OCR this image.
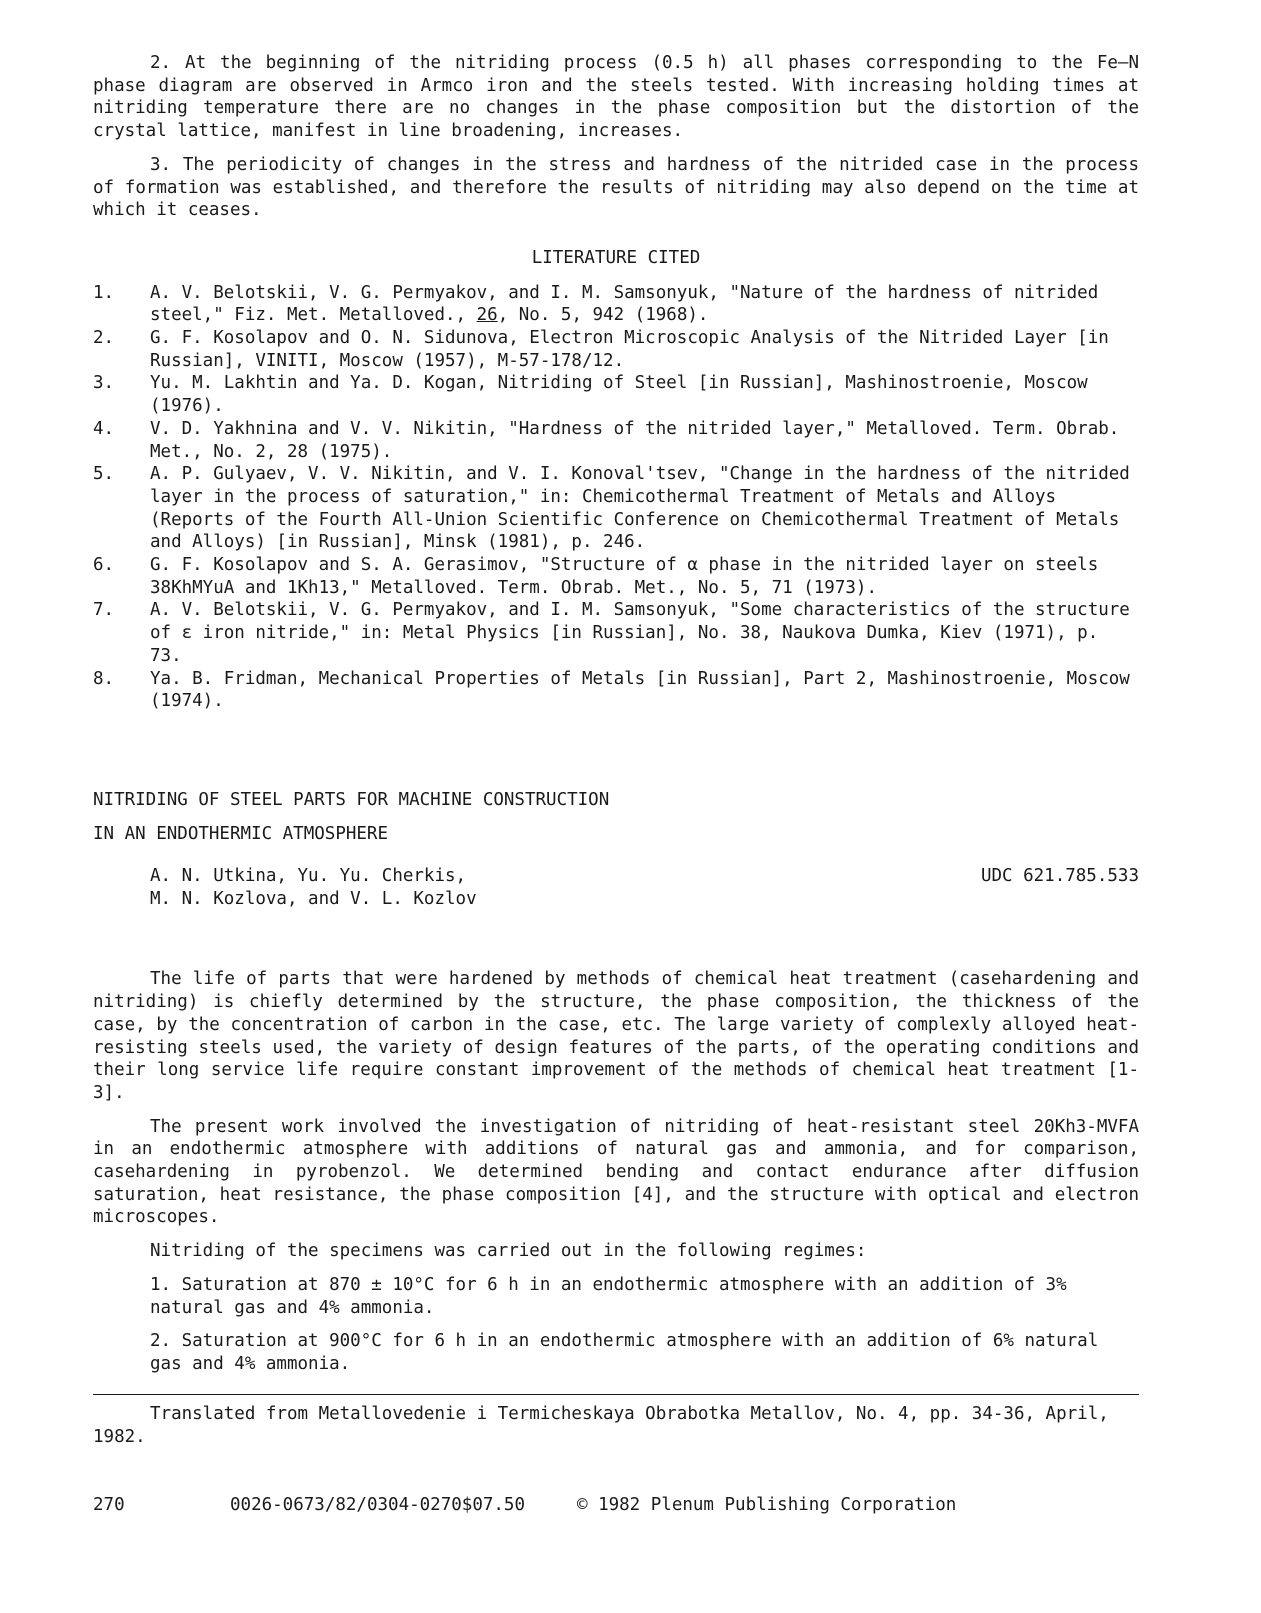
2. At the beginning of the nitriding process (0.5 h) all phases corresponding to the Fe—N phase diagram are observed in Armco iron and the steels tested. With increasing holding times at nitriding temperature there are no changes in the phase composition but the distortion of the crystal lattice, manifest in line broadening, increases.

3. The periodicity of changes in the stress and hardness of the nitrided case in the process of formation was established, and therefore the results of nitriding may also depend on the time at which it ceases.

LITERATURE CITED
1. A. V. Belotskii, V. G. Permyakov, and I. M. Samsonyuk, "Nature of the hardness of nitrided steel," Fiz. Met. Metalloved., 26, No. 5, 942 (1968).
2. G. F. Kosolapov and O. N. Sidunova, Electron Microscopic Analysis of the Nitrided Layer [in Russian], VINITI, Moscow (1957), M-57-178/12.
3. Yu. M. Lakhtin and Ya. D. Kogan, Nitriding of Steel [in Russian], Mashinostroenie, Moscow (1976).
4. V. D. Yakhnina and V. V. Nikitin, "Hardness of the nitrided layer," Metalloved. Term. Obrab. Met., No. 2, 28 (1975).
5. A. P. Gulyaev, V. V. Nikitin, and V. I. Konoval'tsev, "Change in the hardness of the nitrided layer in the process of saturation," in: Chemicothermal Treatment of Metals and Alloys (Reports of the Fourth All-Union Scientific Conference on Chemicothermal Treatment of Metals and Alloys) [in Russian], Minsk (1981), p. 246.
6. G. F. Kosolapov and S. A. Gerasimov, "Structure of α phase in the nitrided layer on steels 38KhMYuA and 1Kh13," Metalloved. Term. Obrab. Met., No. 5, 71 (1973).
7. A. V. Belotskii, V. G. Permyakov, and I. M. Samsonyuk, "Some characteristics of the structure of ε iron nitride," in: Metal Physics [in Russian], No. 38, Naukova Dumka, Kiev (1971), p. 73.
8. Ya. B. Fridman, Mechanical Properties of Metals [in Russian], Part 2, Mashinostroenie, Moscow (1974).
NITRIDING OF STEEL PARTS FOR MACHINE CONSTRUCTION
IN AN ENDOTHERMIC ATMOSPHERE
A. N. Utkina, Yu. Yu. Cherkis,
M. N. Kozlova, and V. L. Kozlov
UDC 621.785.533

The life of parts that were hardened by methods of chemical heat treatment (casehardening and nitriding) is chiefly determined by the structure, the phase composition, the thickness of the case, by the concentration of carbon in the case, etc. The large variety of complexly alloyed heat-resisting steels used, the variety of design features of the parts, of the operating conditions and their long service life require constant improvement of the methods of chemical heat treatment [1-3].

The present work involved the investigation of nitriding of heat-resistant steel 20Kh3-MVFA in an endothermic atmosphere with additions of natural gas and ammonia, and for comparison, casehardening in pyrobenzol. We determined bending and contact endurance after diffusion saturation, heat resistance, the phase composition [4], and the structure with optical and electron microscopes.

Nitriding of the specimens was carried out in the following regimes:

1. Saturation at 870 ± 10°C for 6 h in an endothermic atmosphere with an addition of 3% natural gas and 4% ammonia.

2. Saturation at 900°C for 6 h in an endothermic atmosphere with an addition of 6% natural gas and 4% ammonia.

Translated from Metallovedenie i Termicheskaya Obrabotka Metallov, No. 4, pp. 34-36, April, 1982.

270

	0026-0673/82/0304-0270$07.50

	© 1982 Plenum Publishing Corporation
